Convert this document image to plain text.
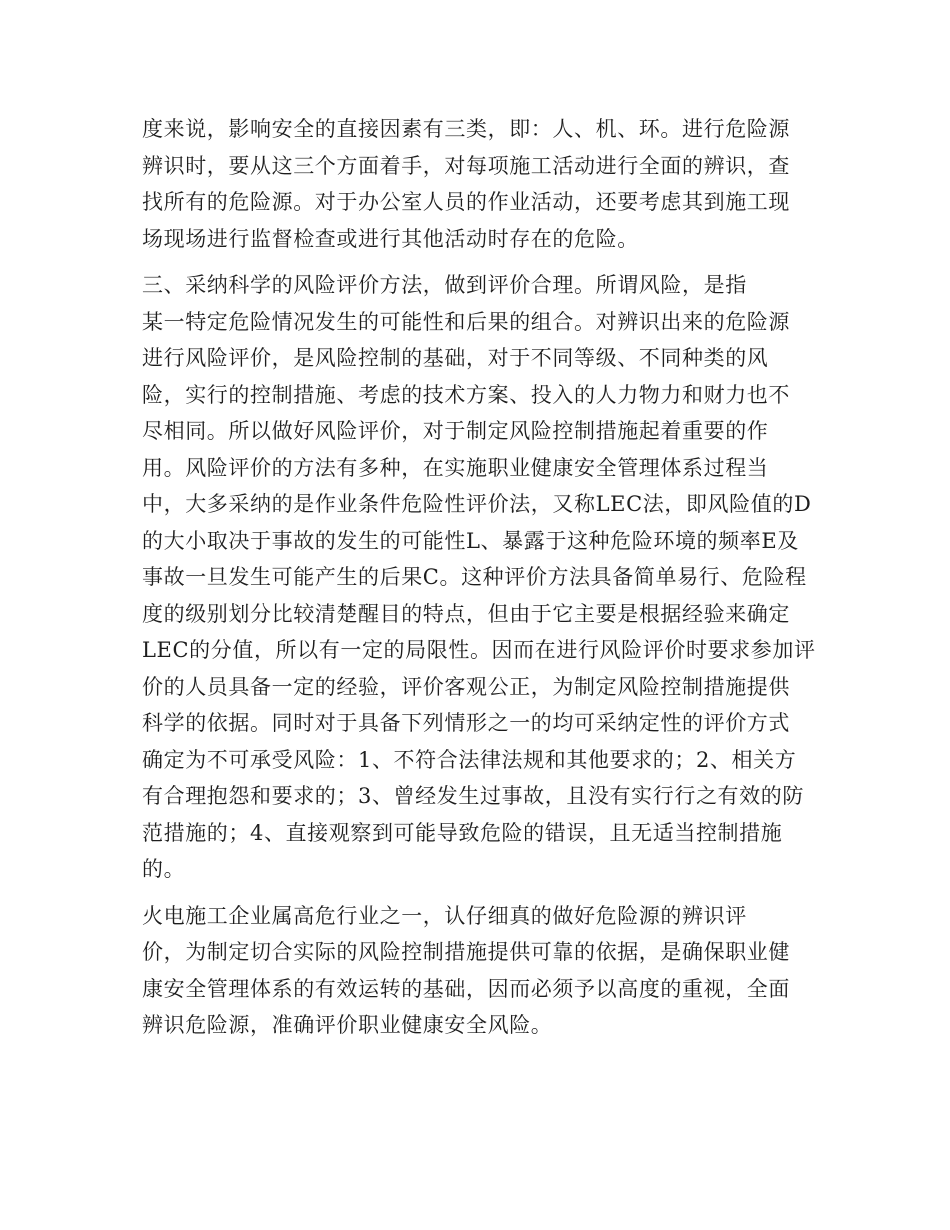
度来说，影响安全的直接因素有三类，即：人、机、环。进行危险源
辨识时，要从这三个方面着手，对每项施工活动进行全面的辨识，查
找所有的危险源。对于办公室人员的作业活动，还要考虑其到施工现
场现场进行监督检查或进行其他活动时存在的危险。
三、采纳科学的风险评价方法，做到评价合理。所谓风险，是指
某一特定危险情况发生的可能性和后果的组合。对辨识出来的危险源
进行风险评价，是风险控制的基础，对于不同等级、不同种类的风
险，实行的控制措施、考虑的技术方案、投入的人力物力和财力也不
尽相同。所以做好风险评价，对于制定风险控制措施起着重要的作
用。风险评价的方法有多种，在实施职业健康安全管理体系过程当
中，大多采纳的是作业条件危险性评价法，又称LEC法，即风险值的D
的大小取决于事故的发生的可能性L、暴露于这种危险环境的频率E及
事故一旦发生可能产生的后果C。这种评价方法具备简单易行、危险程
度的级别划分比较清楚醒目的特点，但由于它主要是根据经验来确定
LEC的分值，所以有一定的局限性。因而在进行风险评价时要求参加评
价的人员具备一定的经验，评价客观公正，为制定风险控制措施提供
科学的依据。同时对于具备下列情形之一的均可采纳定性的评价方式
确定为不可承受风险：1、不符合法律法规和其他要求的；2、相关方
有合理抱怨和要求的；3、曾经发生过事故，且没有实行行之有效的防
范措施的；4、直接观察到可能导致危险的错误，且无适当控制措施
的。
火电施工企业属高危行业之一，认仔细真的做好危险源的辨识评
价，为制定切合实际的风险控制措施提供可靠的依据，是确保职业健
康安全管理体系的有效运转的基础，因而必须予以高度的重视，全面
辨识危险源，准确评价职业健康安全风险。
